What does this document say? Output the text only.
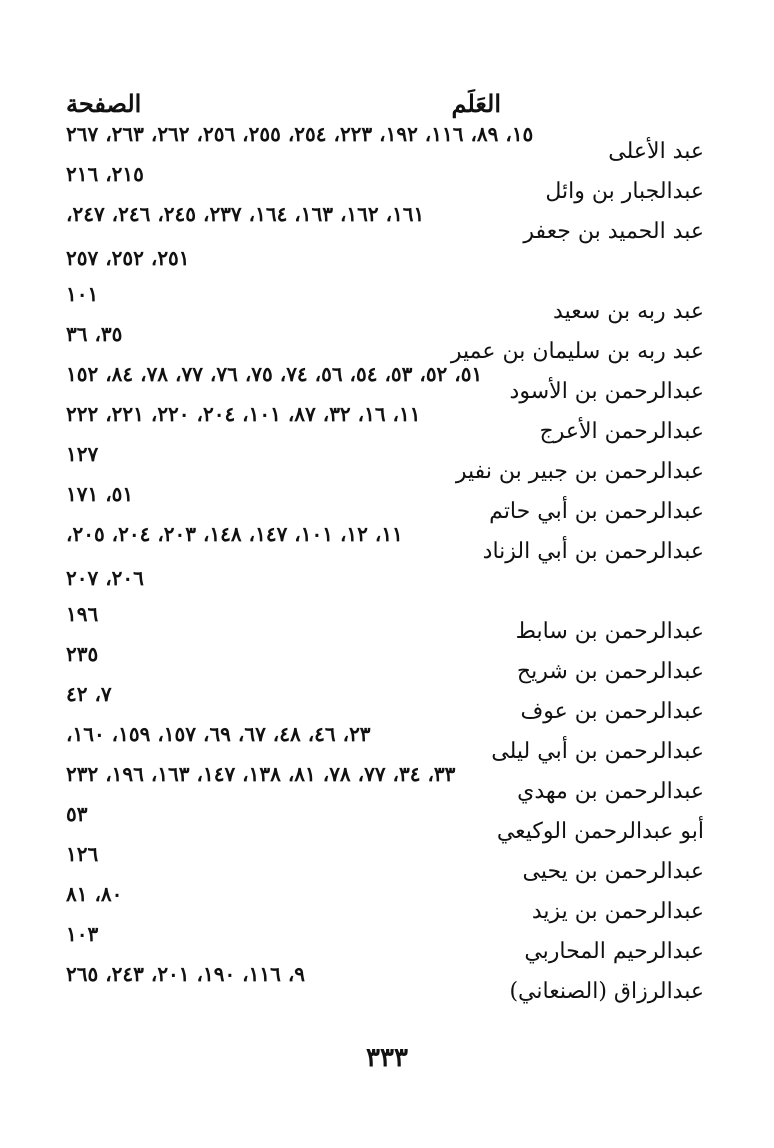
العَلَم
الصفحة
عبد الأعلى
١٥، ٨٩، ١١٦، ١٩٢، ٢٢٣، ٢٥٤، ٢٥٥، ٢٥٦، ٢٦٢، ٢٦٣، ٢٦٧
عبدالجبار بن وائل
٢١٥، ٢١٦
عبد الحميد بن جعفر
١٦١، ١٦٢، ١٦٣، ١٦٤، ٢٣٧، ٢٤٥، ٢٤٦، ٢٤٧،
٢٥١، ٢٥٢، ٢٥٧
عبد ربه بن سعيد
١٠١
عبد ربه بن سليمان بن عمير
٣٥، ٣٦
عبدالرحمن بن الأسود
٥١، ٥٢، ٥٣، ٥٤، ٥٦، ٧٤، ٧٥، ٧٦، ٧٧، ٧٨، ٨٤، ١٥٢
عبدالرحمن الأعرج
١١، ١٦، ٣٢، ٨٧، ١٠١، ٢٠٤، ٢٢٠، ٢٢١، ٢٢٢
عبدالرحمن بن جبير بن نفير
١٢٧
عبدالرحمن بن أبي حاتم
٥١، ١٧١
عبدالرحمن بن أبي الزناد
١١، ١٢، ١٠١، ١٤٧، ١٤٨، ٢٠٣، ٢٠٤، ٢٠٥،
٢٠٦، ٢٠٧
عبدالرحمن بن سابط
١٩٦
عبدالرحمن بن شريح
٢٣٥
عبدالرحمن بن عوف
٧، ٤٢
عبدالرحمن بن أبي ليلى
٢٣، ٤٦، ٤٨، ٦٧، ٦٩، ١٥٧، ١٥٩، ١٦٠،
عبدالرحمن بن مهدي
٣٣، ٣٤، ٧٧، ٧٨، ٨١، ١٣٨، ١٤٧، ١٦٣، ١٩٦، ٢٣٢
أبو عبدالرحمن الوكيعي
٥٣
عبدالرحمن بن يحيى
١٢٦
عبدالرحمن بن يزيد
٨٠، ٨١
عبدالرحيم المحاربي
١٠٣
عبدالرزاق (الصنعاني)
٩، ١١٦، ١٩٠، ٢٠١، ٢٤٣، ٢٦٥
٣٣٣
